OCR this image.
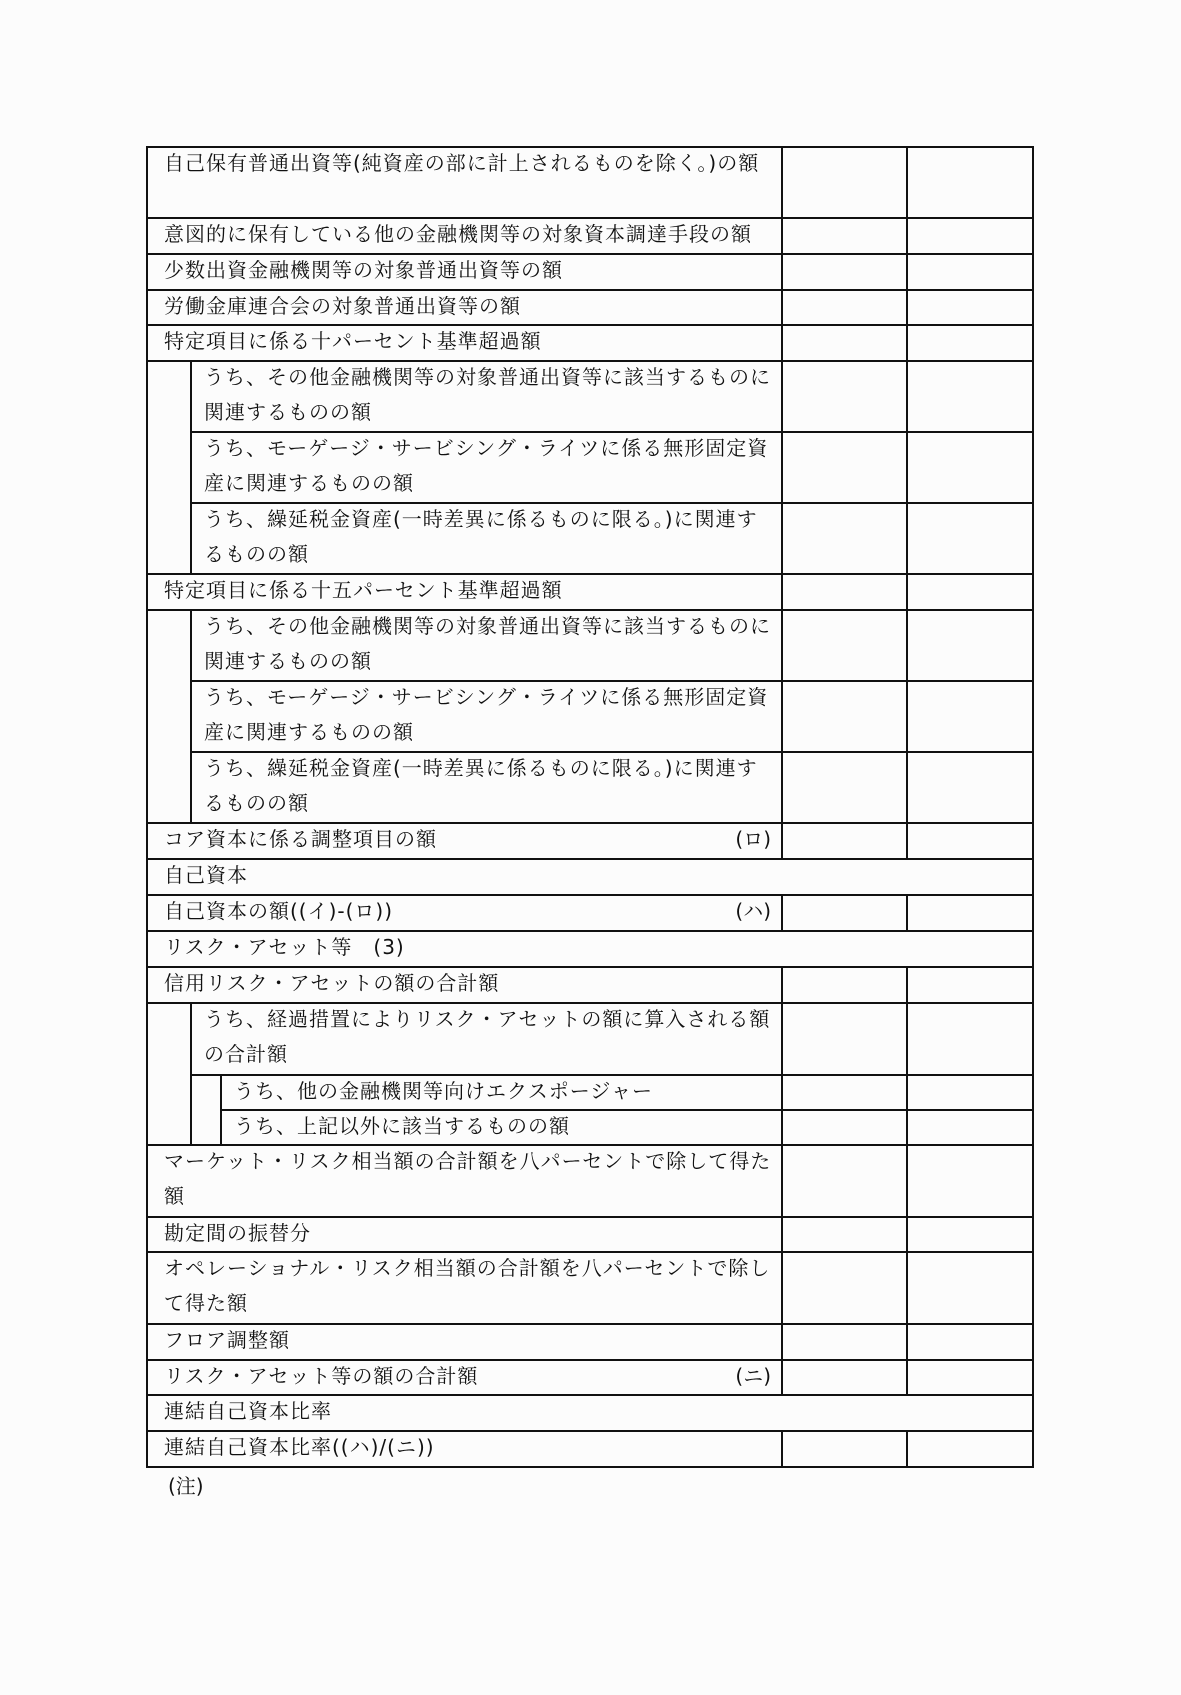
自己保有普通出資等(純資産の部に計上されるものを除く。)の額
意図的に保有している他の金融機関等の対象資本調達手段の額
少数出資金融機関等の対象普通出資等の額
労働金庫連合会の対象普通出資等の額
特定項目に係る十パーセント基準超過額
うち、その他金融機関等の対象普通出資等に該当するものに関連するものの額
うち、モーゲージ・サービシング・ライツに係る無形固定資産に関連するものの額
うち、繰延税金資産(一時差異に係るものに限る。)に関連するものの額
特定項目に係る十五パーセント基準超過額
うち、その他金融機関等の対象普通出資等に該当するものに関連するものの額
うち、モーゲージ・サービシング・ライツに係る無形固定資産に関連するものの額
うち、繰延税金資産(一時差異に係るものに限る。)に関連するものの額
コア資本に係る調整項目の額	(ロ)
自己資本
自己資本の額((イ)-(ロ))	(ハ)
リスク・アセット等　(3)
信用リスク・アセットの額の合計額
うち、経過措置によりリスク・アセットの額に算入される額の合計額
うち、他の金融機関等向けエクスポージャー
うち、上記以外に該当するものの額
マーケット・リスク相当額の合計額を八パーセントで除して得た額
勘定間の振替分
オペレーショナル・リスク相当額の合計額を八パーセントで除して得た額
フロア調整額
リスク・アセット等の額の合計額	(ニ)
連結自己資本比率
連結自己資本比率((ハ)/(ニ))
(注)
